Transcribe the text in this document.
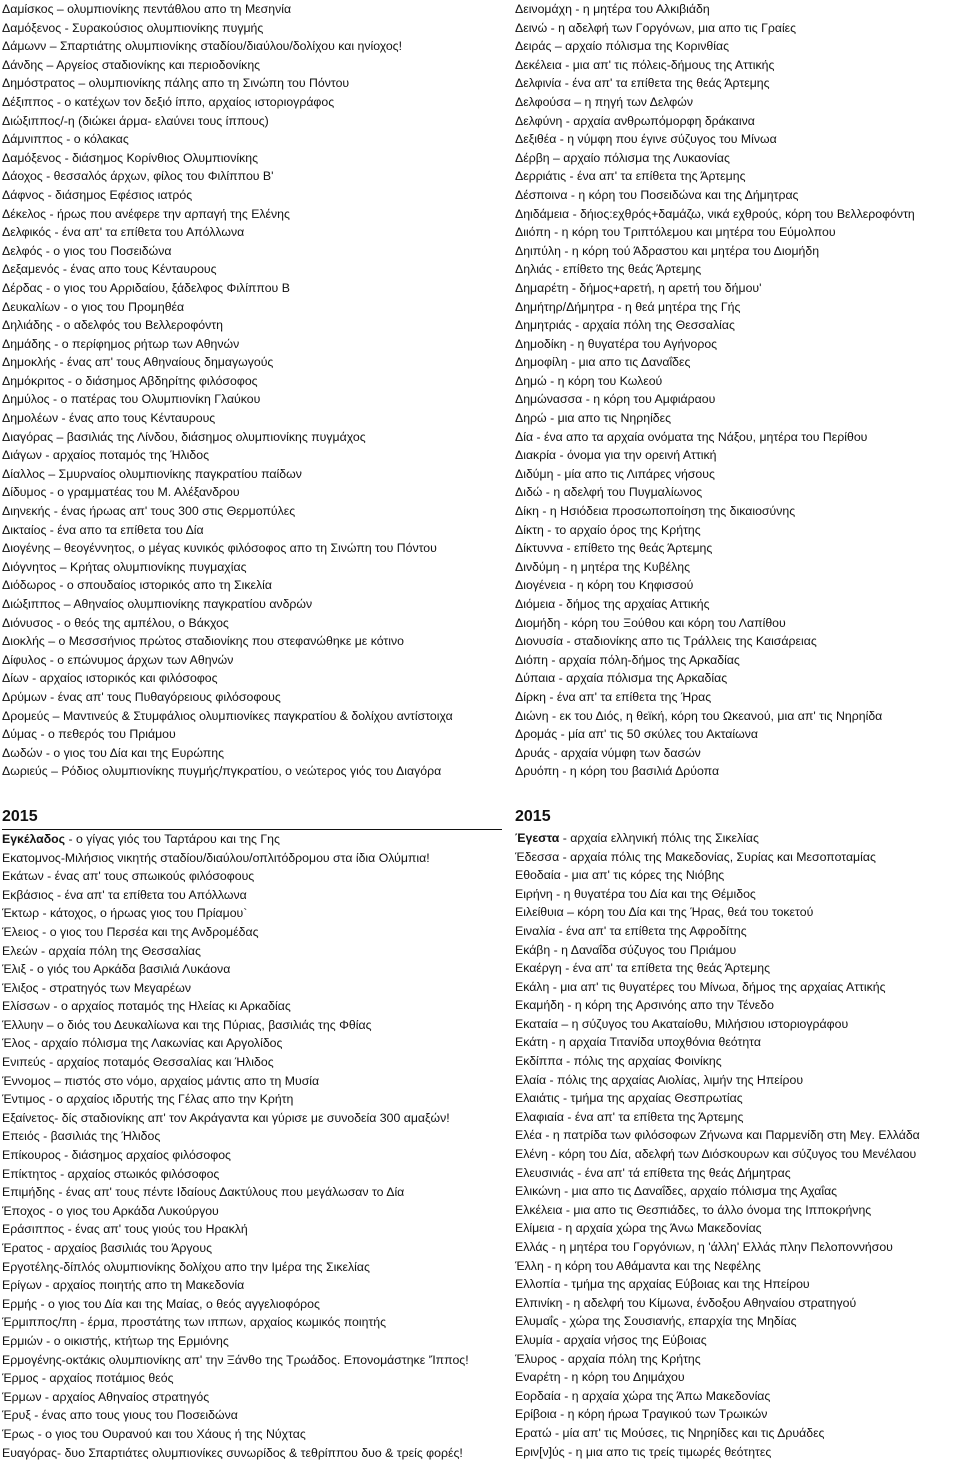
Δαμίσκος – ολυμπιονίκης πεντάθλου απο τη Μεσηνία
Δαμόξενος - Συρακούσιος ολυμπιονίκης πυγμής
Δάμωνν – Σπαρτιάτης ολυμπιονίκης σταδίου/διαύλου/δολίχου και ηνίοχος!
Δάνδης – Αργείος σταδιονίκης και περιοδονίκης
Δημόστρατος – ολυμπιονίκης πάλης απο τη Σινώπη του Πόντου
Δέξιππος - ο κατέχων τον δεξιό ίππο, αρχαίος ιστοριογράφος
Διώξιππος/-η (διώκει άρμα- ελαύνει τους ίππους)
Δάμνιππος - ο κόλακας
Δαμόξενος - διάσημος Κορίνθιος Ολυμπιονίκης
Δάοχος - θεσσαλός άρχων, φίλος του Φιλίππου Β'
Δάφνος - διάσημος Εφέσιος ιατρός
Δέκελος - ήρως που ανέφερε την αρπαγή της Ελένης
Δελφικός - ένα απ' τα επίθετα του Απόλλωνα
Δελφός - ο γιος του Ποσειδώνα
Δεξαμενός - ένας απο τους Κένταυρους
Δέρδας - ο γιος του Αρριδαίου, ξάδελφος Φιλίππου Β
Δευκαλίων - ο γιος του Προμηθέα
Δηλιάδης - ο αδελφός του Βελλεροφόντη
Δημάδης - ο περίφημος ρήτωρ των Αθηνών
Δημοκλής - ένας απ' τους Αθηναίους δημαγωγούς
Δημόκριτος - ο διάσημος Αβδηρίτης φιλόσοφος
Δημύλος - ο πατέρας του Ολυμπιονίκη Γλαύκου
Δημολέων - ένας απο τους Κένταυρους
Διαγόρας – βασιλιάς της Λίνδου, διάσημος ολυμπιονίκης πυγμάχος
Διάγων - αρχαίος ποταμός της Ήλιδος
Δίαλλος – Σμυρναίος ολυμπιονίκης παγκρατίου παίδων
Δίδυμος - ο γραμματέας του Μ. Αλέξανδρου
Διηνεκής - ένας ήρωας απ' τους 300 στις Θερμοπύλες
Δικταίος - ένα απο τα επίθετα του Δία
Διογένης – θεογέννητος, ο μέγας κυνικός φιλόσοφος απο τη Σινώπη του Πόντου
Διόγνητος – Κρήτας ολυμπιονίκης πυγμαχίας
Διόδωρος - ο σπουδαίος ιστορικός απο τη Σικελία
Διώξιππος – Αθηναίος ολυμπιονίκης παγκρατίου ανδρών
Διόνυσος - ο θεός της αμπέλου, ο Βάκχος
Διοκλής – ο Μεσσσήνιος πρώτος σταδιονίκης που στεφανώθηκε με κότινο
Δίφυλος - ο επώνυμος άρχων των Αθηνών
Δίων - αρχαίος ιστορικός και φιλόσοφος
Δρύμων - ένας απ' τους Πυθαγόρειους φιλόσοφους
Δρομεύς – Μαντινεύς & Στυμφάλιος ολυμπιονίκες παγκρατίου & δολίχου αντίστοιχα
Δύμας - ο πεθερός του Πριάμου
Δωδών - ο γιος του Δία και της Ευρώπης
Δωριεύς – Ρόδιος ολυμπιονίκης πυγμής/πγκρατίου, ο νεώτερος γιός του Διαγόρα
2015
Εγκέλαδος - ο γίγας γιός του Ταρτάρου και της Γης
Εκατομνος-Μιλήσιος νικητής σταδίου/διαύλου/οπλιτόδρομου στα ίδια Ολύμπια!
Εκάτων - ένας απ' τους σπωικούς φιλόσοφους
Εκβάσιος - ένα απ' τα επίθετα του Απόλλωνα
Έκτωρ - κάτοχος, ο ήρωας γιος του Πρίαμου`
Έλειος - ο γιος του Περσέα και της Ανδρομέδας
Ελεών - αρχαία πόλη της Θεσσαλίας
Έλιξ - ο γιός του Αρκάδα βασιλιά Λυκάονα
Έλιξος - στρατηγός των Μεγαρέων
Ελίσσων - ο αρχαίος ποταμός της Ηλείας κι Αρκαδίας
Έλλυην – ο διός του Δευκαλίωνα και της Πύριας, βασιλιάς της Φθίας
Έλος - αρχαίο πόλισμα της Λακωνίας και Αργολίδος
Ενιπεύς - αρχαίος ποταμός Θεσσαλίας και Ήλιδος
Έννομος – πιστός στο νόμο, αρχαίος μάντις απο τη Μυσία
Έντιμος - ο αρχαίος ιδρυτής της Γέλας απο την Κρήτη
Εξαίνετος- δίς σταδιονίκης απ' τον Ακράγαντα και γύρισε με συνοδεία 300 αμαξών!
Επειός - βασιλιάς της Ήλιδος
Επίκουρος - διάσημος αρχαίος φιλόσοφος
Επίκτητος - αρχαίος στωικός φιλόσοφος
Επιμήδης - ένας απ' τους πέντε Ιδαίους Δακτύλους που μεγάλωσαν το Δία
Έποχος - ο γιος του Αρκάδα Λυκούργου
Εράσιππος - ένας απ' τους γιούς του Ηρακλή
Έρατος - αρχαίος βασιλιάς του Άργους
Εργοτέλης-δίπλός ολυμπιονίκης δολίχου απο την Ιμέρα της Σικελίας
Ερίγων - αρχαίος ποιητής απο τη Μακεδονία
Ερμής - ο γιος του Δία και της Μαίας, ο θεός αγγελιοφόρος
Έρμιππος/πη - έρμα, προστάτης των ιππων, αρχαίος κωμικός ποιητής
Ερμιών - ο οικιστής, κτήτωρ της Ερμιόνης
Ερμογένης-οκτάκις ολυμπιονίκης απ' την Ξάνθο της Τρωάδος. Επονομάστηκε 'Ίππος!
Έρμος - αρχαίος ποτάμιος θεός
Έρμων - αρχαίος Αθηναίος στρατηγός
Έρυξ - ένας απο τους γιους του Ποσειδώνα
Έρως - ο γιος του Ουρανού και του Χάους ή της Νύχτας
Ευαγόρας- δυο Σπαρτιάτες ολυμπιονίκες συνωρίδος & τεθρίππου δυο & τρείς φορές!
Δεινομάχη - η μητέρα του Αλκιβιάδη
Δεινώ - η αδελφή των Γοργόνων, μια απο τις Γραίες
Δειράς – αρχαίο πόλισμα της Κορινθίας
Δεκέλεια - μια απ' τις πόλεις-δήμους της Αττικής
Δελφινία - ένα απ' τα επίθετα της θεάς Άρτεμης
Δελφούσα – η πηγή των Δελφών
Δελφύνη - αρχαία ανθρωπόμορφη δράκαινα
Δεξιθέα - η νύμφη που έγινε σύζυγος του Μίνωα
Δέρβη – αρχαίο πόλισμα της Λυκαονίας
Δερριάτις - ένα απ' τα επίθετα της Άρτεμης
Δέσποινα - η κόρη του Ποσειδώνα και της Δήμητρας
Δηιδάμεια - δήιος:εχθρός+δαμάζω, νικά εχθρούς, κόρη του Βελλεροφόντη
Διιόπη - η κόρη του Τριπτόλεμου και μητέρα του Εύμολπου
Δηιπύλη - η κόρη τού Άδραστου και μητέρα του Διομήδη
Δηλιάς - επίθετο της θεάς Άρτεμης
Δημαρέτη - δήμος+αρετή, η αρετή του δήμου'
Δημήτηρ/Δήμητρα - η θεά μητέρα της Γής
Δημητριάς - αρχαία πόλη της Θεσσαλίας
Δημοδίκη - η θυγατέρα του Αγήνορος
Δημοφίλη - μια απο τις Δαναΐδες
Δημώ - η κόρη του Κωλεού
Δημώνασσα - η κόρη του Αμφιάραου
Δηρώ - μια απο τις Νηρηίδες
Δία - ένα απο τα αρχαία ονόματα της Νάξου, μητέρα του Περίθου
Διακρία - όνομα για την ορεινή Αττική
Διδύμη - μία απο τις Λιπάρες νήσους
Διδώ - η αδελφή του Πυγμαλίωνος
Δίκη - η Ησιόδεια προσωποποίηση της δικαιοσύνης
Δίκτη - το αρχαίο όρος της Κρήτης
Δίκτυννα - επίθετο της θεάς Άρτεμης
Δινδύμη - η μητέρα της Κυβέλης
Διογένεια - η κόρη του Κηφισσού
Διόμεια - δήμος της αρχαίας Αττικής
Διομήδη - κόρη του Ξούθου και κόρη του Λαπίθου
Διονυσία - σταδιονίκης απο τις Τράλλεις της Καισάρειας
Διόπη - αρχαία πόλη-δήμος της Αρκαδίας
Δύπαια - αρχαία πόλισμα της Αρκαδίας
Δίρκη - ένα απ' τα επίθετα της Ήρας
Διώνη - εκ του Διός, η θεϊκή, κόρη του Ωκεανού, μια απ' τις Νηρηίδα
Δρομάς - μία απ' τις 50 σκύλες του Ακταίωνα
Δρυάς - αρχαία νύμφη των δασών
Δρυόπη - η κόρη του βασιλιά Δρύοπα
2015
Έγεστα - αρχαία ελληνική πόλις της Σικελίας
Έδεσσα - αρχαία πόλις της Μακεδονίας, Συρίας και Μεσοποταμίας
Εθοδαία - μια απ' τις κόρες της Νιόβης
Ειρήνη - η θυγατέρα του Δία και της Θέμιδος
Ειλείθυια – κόρη του Δία και της Ήρας, θεά του τοκετού
Ειναλία - ένα απ' τα επίθετα της Αφροδίτης
Εκάβη - η Δαναΐδα σύζυγος του Πριάμου
Εκαέργη - ένα απ' τα επίθετα της θεάς Άρτεμης
Εκάλη - μια απ' τις θυγατέρες του Μίνωα, δήμος της αρχαίας Αττικής
Εκαμήδη - η κόρη της Αρσινόης απο την Τένεδο
Εκαταία – η σύζυγος του Ακαταίοθυ, Μιλήσιου ιστοριογράφου
Εκάτη - η αρχαία Τιτανίδα υποχθόνια θεότητα
Εκδίππα - πόλις της αρχαίας Φοινίκης
Ελαία - πόλις της αρχαίας Αιολίας, λιμήν της Ηπείρου
Ελαιάτις - τμήμα της αρχαίας Θεσπρωτίας
Ελαφιαία - ένα απ' τα επίθετα της Άρτεμης
Ελέα - η πατρίδα των φιλόσοφων Ζήνωνα και Παρμενίδη στη Μεγ. Ελλάδα
Ελένη - κόρη του Δία, αδελφή των Διόσκουρων και σύζυγος του Μενέλαου
Ελευσινιάς - ένα απ' τά επίθετα της θεάς Δήμητρας
Ελικώνη - μια απο τις Δαναΐδες, αρχαίο πόλισμα της Αχαΐας
Ελκέλεια - μια απο τις Θεσπιάδες, το άλλο όνομα της Ιπποκρήνης
Ελίμεια - η αρχαία χώρα της Άνω Μακεδονίας
Ελλάς - η μητέρα του Γοργόνιων, η 'άλλη' Ελλάς πλην Πελοποννήσου
Έλλη - η κόρη του Αθάμαντα και της Νεφέλης
Ελλοπία - τμήμα της αρχαίας Εύβοιας και της Ηπείρου
Ελπινίκη - η αδελφή του Κίμωνα, ένδοξου Αθηναίου στρατηγού
Ελυμαΐς - χώρα της Σουσιανής, επαρχία της Μηδίας
Ελυμία - αρχαία νήσος της Εύβοιας
Έλυρος - αρχαία πόλη της Κρήτης
Εναρέτη - η κόρη του Δηιμάχου
Εορδαία - η αρχαία χώρα της Άπω Μακεδονίας
Ερίβοια - η κόρη ήρωα Τραγικού των Τρωικών
Ερατώ - μία απ' τις Μούσες, τις Νηρηίδες και τις Δρυάδες
Εριν[ν]ύς - η μια απο τις τρείς τιμωρές θεότητες
